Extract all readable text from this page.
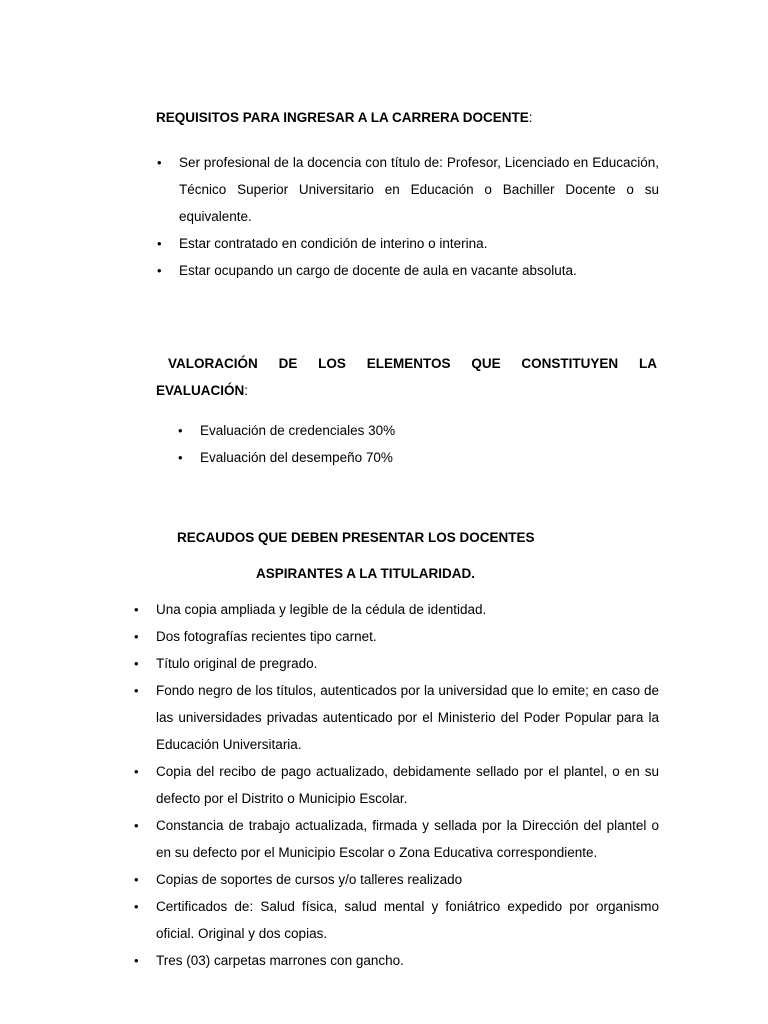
REQUISITOS PARA INGRESAR A LA CARRERA DOCENTE:
• Ser profesional de la docencia con título de: Profesor, Licenciado en Educación, Técnico Superior Universitario en Educación o Bachiller Docente o su equivalente.
• Estar contratado en condición de interino o interina.
• Estar ocupando un cargo de docente de aula en vacante absoluta.
VALORACIÓN DE LOS ELEMENTOS QUE CONSTITUYEN LA
EVALUACIÓN:
• Evaluación de credenciales 30%
• Evaluación del desempeño 70%
RECAUDOS QUE DEBEN PRESENTAR LOS DOCENTES
ASPIRANTES A LA TITULARIDAD.
• Una copia ampliada y legible de la cédula de identidad.
• Dos fotografías recientes tipo carnet.
• Título original de pregrado.
• Fondo negro de los títulos, autenticados por la universidad que lo emite; en caso de las universidades privadas autenticado por el Ministerio del Poder Popular para la Educación Universitaria.
• Copia del recibo de pago actualizado, debidamente sellado por el plantel, o en su defecto por el Distrito o Municipio Escolar.
• Constancia de trabajo actualizada, firmada y sellada por la Dirección del plantel o en su defecto por el Municipio Escolar o Zona Educativa correspondiente.
• Copias de soportes de cursos y/o talleres realizado
• Certificados de: Salud física, salud mental y foniátrico expedido por organismo oficial. Original y dos copias.
• Tres (03) carpetas marrones con gancho.
